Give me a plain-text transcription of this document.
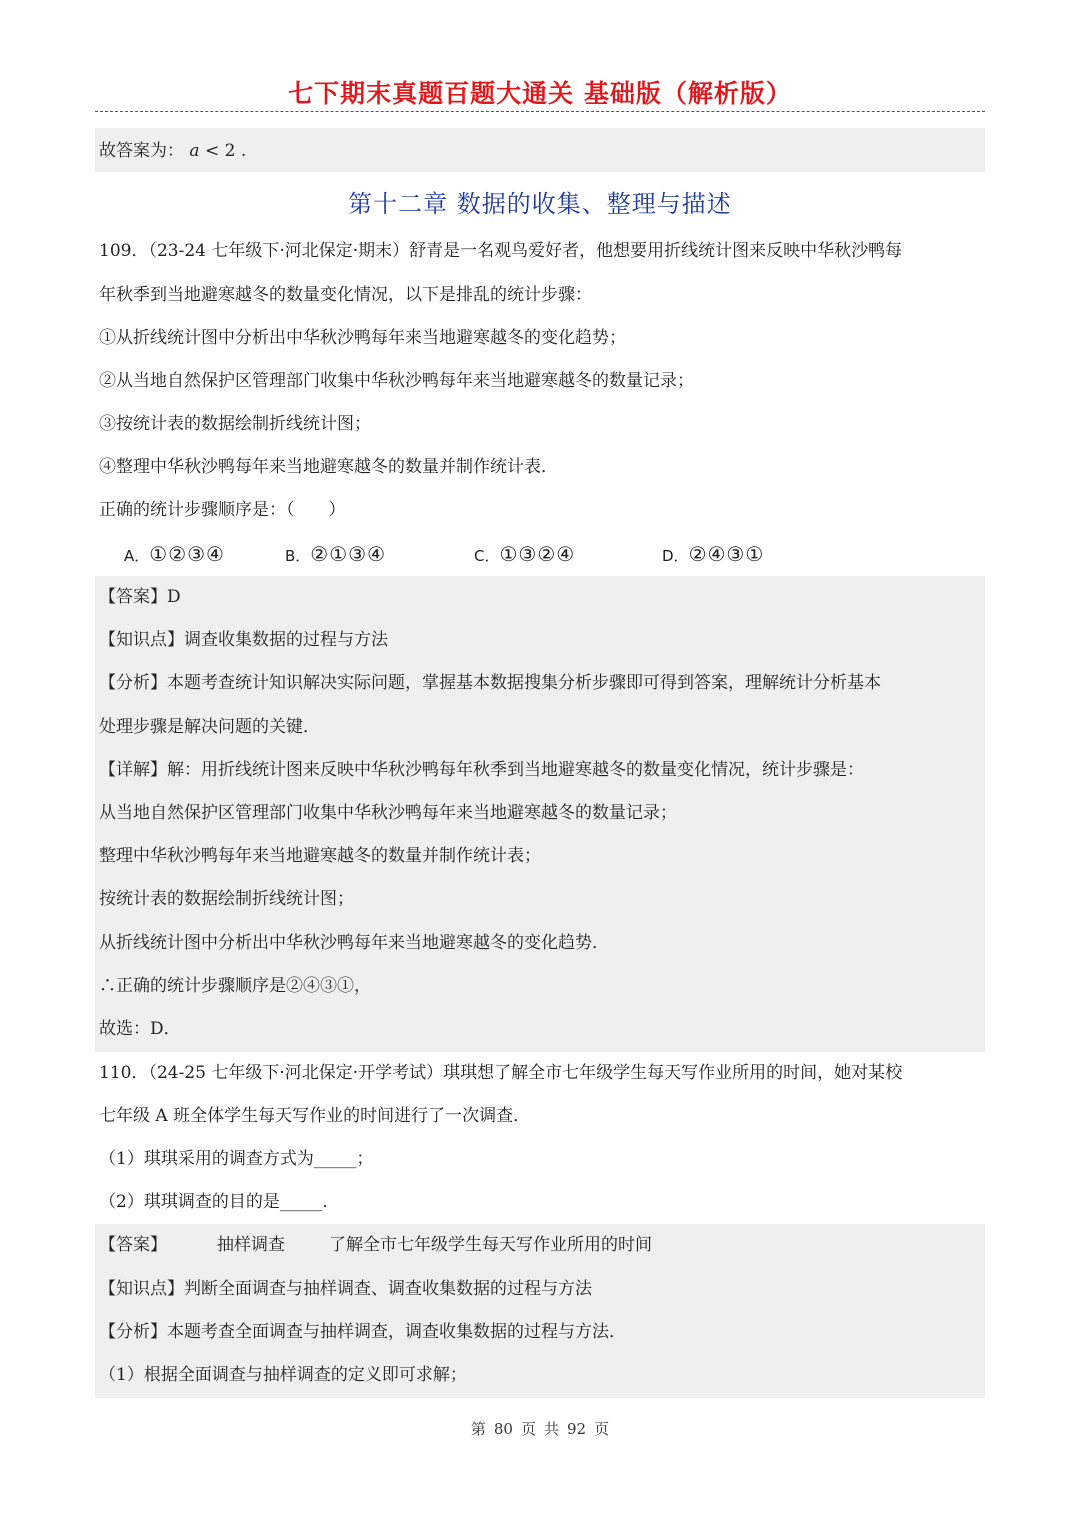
七下期末真题百题大通关 基础版（解析版）
故答案为： a < 2 .
第十二章 数据的收集、整理与描述
109．（23-24 七年级下·河北保定·期末）舒青是一名观鸟爱好者，他想要用折线统计图来反映中华秋沙鸭每
年秋季到当地避寒越冬的数量变化情况，以下是排乱的统计步骤：
①从折线统计图中分析出中华秋沙鸭每年来当地避寒越冬的变化趋势；
②从当地自然保护区管理部门收集中华秋沙鸭每年来当地避寒越冬的数量记录；
③按统计表的数据绘制折线统计图；
④整理中华秋沙鸭每年来当地避寒越冬的数量并制作统计表．
正确的统计步骤顺序是：（　　）
A．①②③④	B．②①③④	C．①③②④	D．②④③①
【答案】D
【知识点】调查收集数据的过程与方法
【分析】本题考查统计知识解决实际问题，掌握基本数据搜集分析步骤即可得到答案，理解统计分析基本
处理步骤是解决问题的关键．
【详解】解：用折线统计图来反映中华秋沙鸭每年秋季到当地避寒越冬的数量变化情况，统计步骤是：
从当地自然保护区管理部门收集中华秋沙鸭每年来当地避寒越冬的数量记录；
整理中华秋沙鸭每年来当地避寒越冬的数量并制作统计表；
按统计表的数据绘制折线统计图；
从折线统计图中分析出中华秋沙鸭每年来当地避寒越冬的变化趋势．
∴正确的统计步骤顺序是②④③①，
故选：D．
110．（24-25 七年级下·河北保定·开学考试）琪琪想了解全市七年级学生每天写作业所用的时间，她对某校
七年级 A 班全体学生每天写作业的时间进行了一次调查．
（1）琪琪采用的调查方式为_____；
（2）琪琪调查的目的是_____．
【答案】	抽样调查	了解全市七年级学生每天写作业所用的时间
【知识点】判断全面调查与抽样调查、调查收集数据的过程与方法
【分析】本题考查全面调查与抽样调查，调查收集数据的过程与方法．
（1）根据全面调查与抽样调查的定义即可求解；
第 80 页 共 92 页
